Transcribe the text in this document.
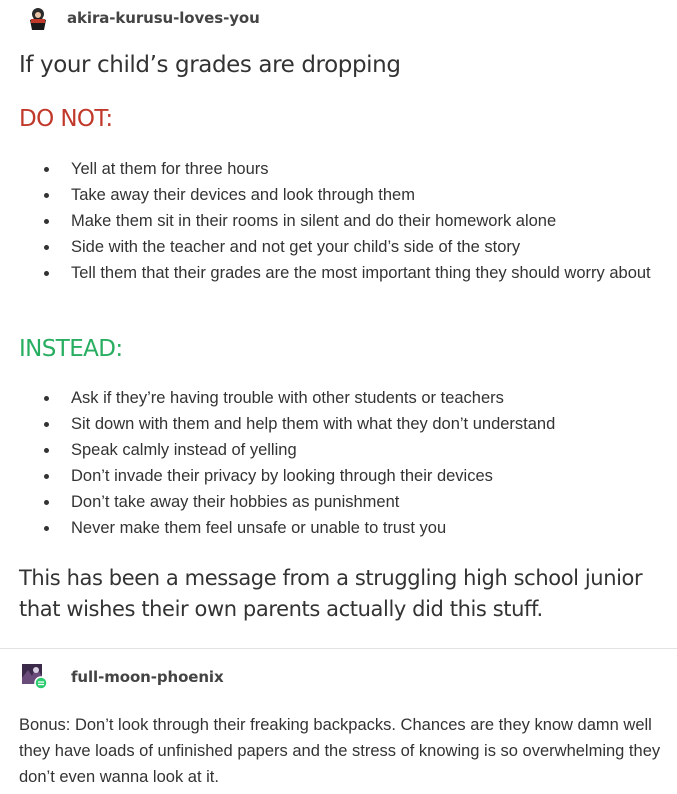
akira-kurusu-loves-you
If your child’s grades are dropping
DO NOT:
Yell at them for three hours
Take away their devices and look through them
Make them sit in their rooms in silent and do their homework alone
Side with the teacher and not get your child’s side of the story
Tell them that their grades are the most important thing they should worry about
INSTEAD:
Ask if they’re having trouble with other students or teachers
Sit down with them and help them with what they don’t understand
Speak calmly instead of yelling
Don’t invade their privacy by looking through their devices
Don’t take away their hobbies as punishment
Never make them feel unsafe or unable to trust you

This has been a message from a struggling high school junior that wishes their own parents actually did this stuff.

full-moon-phoenix

Bonus: Don’t look through their freaking backpacks. Chances are they know damn well they have loads of unfinished papers and the stress of knowing is so overwhelming they don’t even wanna look at it.
